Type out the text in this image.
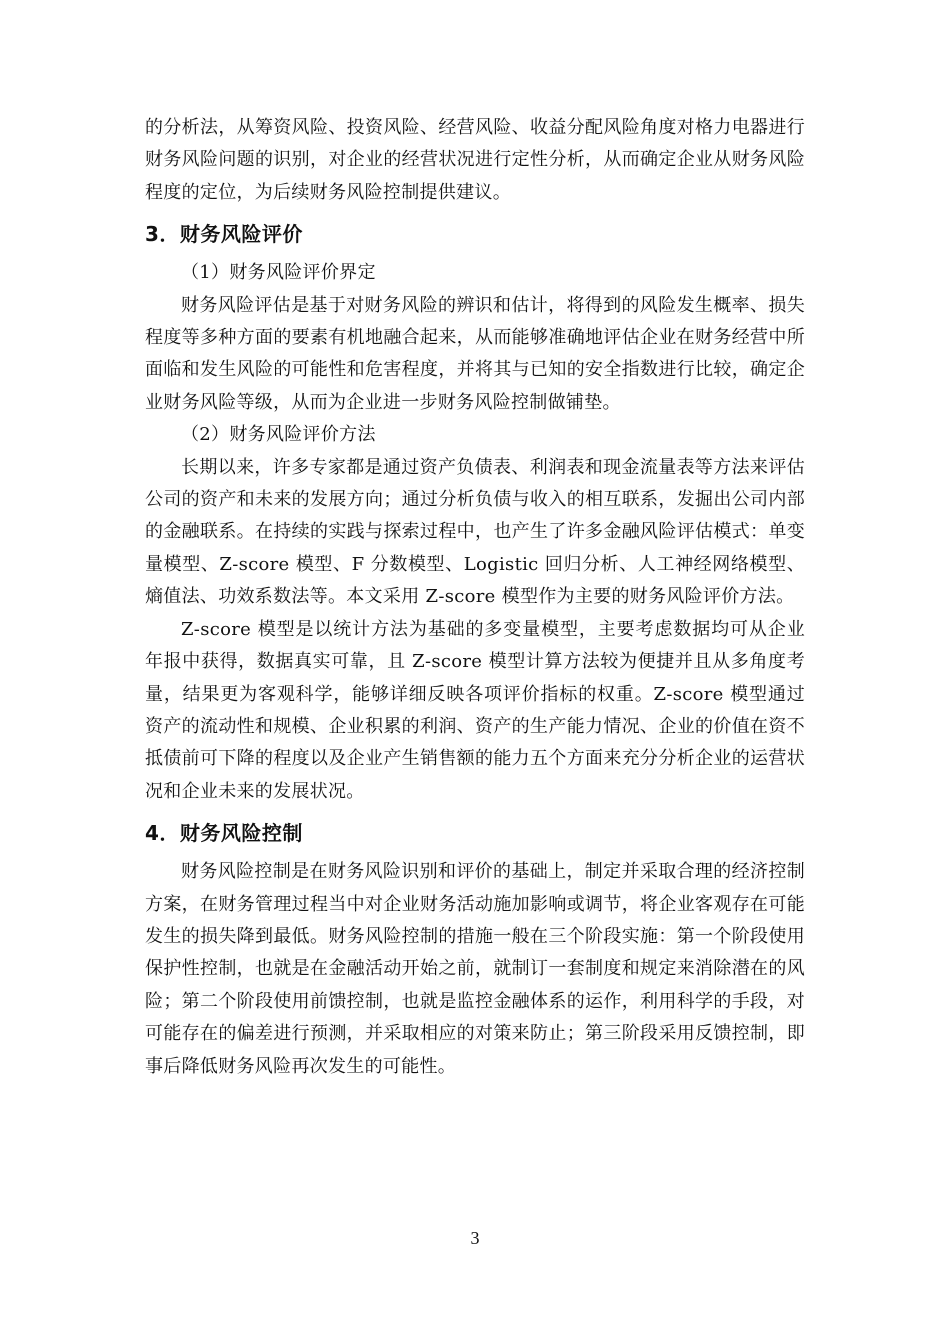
的分析法，从筹资风险、投资风险、经营风险、收益分配风险角度对格力电器进行财务风险问题的识别，对企业的经营状况进行定性分析，从而确定企业从财务风险程度的定位，为后续财务风险控制提供建议。

3．财务风险评价

（1）财务风险评价界定

财务风险评估是基于对财务风险的辨识和估计，将得到的风险发生概率、损失程度等多种方面的要素有机地融合起来，从而能够准确地评估企业在财务经营中所面临和发生风险的可能性和危害程度，并将其与已知的安全指数进行比较，确定企业财务风险等级，从而为企业进一步财务风险控制做铺垫。

（2）财务风险评价方法

长期以来，许多专家都是通过资产负债表、利润表和现金流量表等方法来评估公司的资产和未来的发展方向；通过分析负债与收入的相互联系，发掘出公司内部的金融联系。在持续的实践与探索过程中，也产生了许多金融风险评估模式：单变量模型、Z-score 模型、F 分数模型、Logistic 回归分析、人工神经网络模型、熵值法、功效系数法等。本文采用 Z-score 模型作为主要的财务风险评价方法。

Z-score 模型是以统计方法为基础的多变量模型，主要考虑数据均可从企业年报中获得，数据真实可靠，且 Z-score 模型计算方法较为便捷并且从多角度考量，结果更为客观科学，能够详细反映各项评价指标的权重。Z-score 模型通过资产的流动性和规模、企业积累的利润、资产的生产能力情况、企业的价值在资不抵债前可下降的程度以及企业产生销售额的能力五个方面来充分分析企业的运营状况和企业未来的发展状况。

4．财务风险控制

财务风险控制是在财务风险识别和评价的基础上，制定并采取合理的经济控制方案，在财务管理过程当中对企业财务活动施加影响或调节，将企业客观存在可能发生的损失降到最低。财务风险控制的措施一般在三个阶段实施：第一个阶段使用保护性控制，也就是在金融活动开始之前，就制订一套制度和规定来消除潜在的风险；第二个阶段使用前馈控制，也就是监控金融体系的运作，利用科学的手段，对可能存在的偏差进行预测，并采取相应的对策来防止；第三阶段采用反馈控制，即事后降低财务风险再次发生的可能性。

3
